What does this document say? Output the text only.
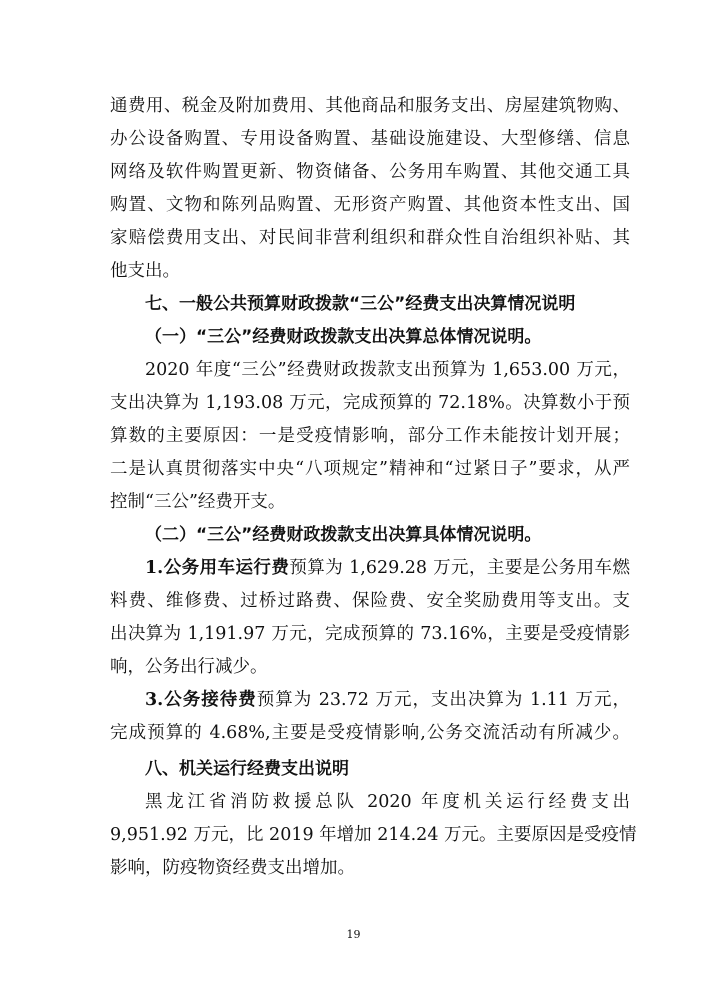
通费用、税金及附加费用、其他商品和服务支出、房屋建筑物购、
办公设备购置、专用设备购置、基础设施建设、大型修缮、信息
网络及软件购置更新、物资储备、公务用车购置、其他交通工具
购置、文物和陈列品购置、无形资产购置、其他资本性支出、国
家赔偿费用支出、对民间非营利组织和群众性自治组织补贴、其
他支出。
七、一般公共预算财政拨款“三公”经费支出决算情况说明
（一）“三公”经费财政拨款支出决算总体情况说明。
2020 年度“三公”经费财政拨款支出预算为 1,653.00 万元，
支出决算为 1,193.08 万元，完成预算的 72.18%。决算数小于预
算数的主要原因：一是受疫情影响，部分工作未能按计划开展；
二是认真贯彻落实中央“八项规定”精神和“过紧日子”要求，从严
控制“三公”经费开支。
（二）“三公”经费财政拨款支出决算具体情况说明。
1.公务用车运行费预算为 1,629.28 万元，主要是公务用车燃
料费、维修费、过桥过路费、保险费、安全奖励费用等支出。支
出决算为 1,191.97 万元，完成预算的 73.16%，主要是受疫情影
响，公务出行减少。
3.公务接待费预算为 23.72 万元，支出决算为 1.11 万元，
完成预算的 4.68%,主要是受疫情影响,公务交流活动有所减少。
八、机关运行经费支出说明
黑龙江省消防救援总队 2020 年度机关运行经费支出
9,951.92 万元，比 2019 年增加 214.24 万元。主要原因是受疫情
影响，防疫物资经费支出增加。
19
